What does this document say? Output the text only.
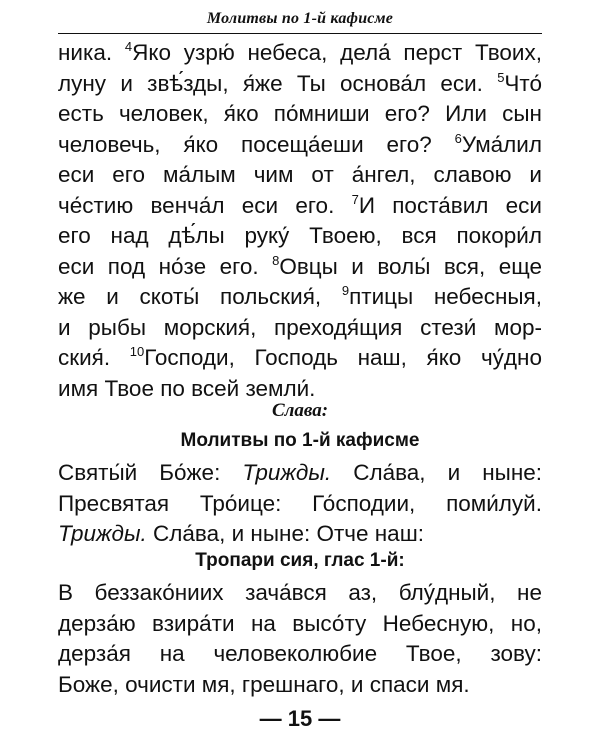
Молитвы по 1-й кафисме
ника. $^4$Яко узрю́ небеса, дела́ перст Твоих,
луну и звѣ́зды, я́же Ты основа́л еси. $^5$Что́
есть человек, я́ко по́мниши его? Или сын
человечь, я́ко посеща́еши его? $^6$Ума́лил
еси его ма́лым чим от а́нгел, славою и
че́стию венча́л еси его. $^7$И поста́вил еси
его над дѣ́лы руку́ Твоею, вся покори́л
еси под но́зе его. $^8$Овцы и волы́ вся, еще
же и скоты́ польския́, $^9$птицы небесныя,
и рыбы морския́, преходя́щия стези́ мор-
ския́. $^{10}$Господи, Господь наш, я́ко чу́дно
имя Твое по всей земли́.
Слава:
Молитвы по 1-й кафисме
Святы́й Бо́же: Трижды. Сла́ва, и ныне:
Пресвятая Тро́ице: Го́сподии, поми́луй.
Трижды. Сла́ва, и ныне: Отче наш:
Тропари сия, глас 1-й:
В беззако́ниих зача́вся аз, блу́дный, не
дерза́ю взира́ти на высо́ту Небесную, но,
дерза́я на человеколюбие Твое, зову:
Боже, очисти мя, грешнаго, и спаси мя.
— 15 —
